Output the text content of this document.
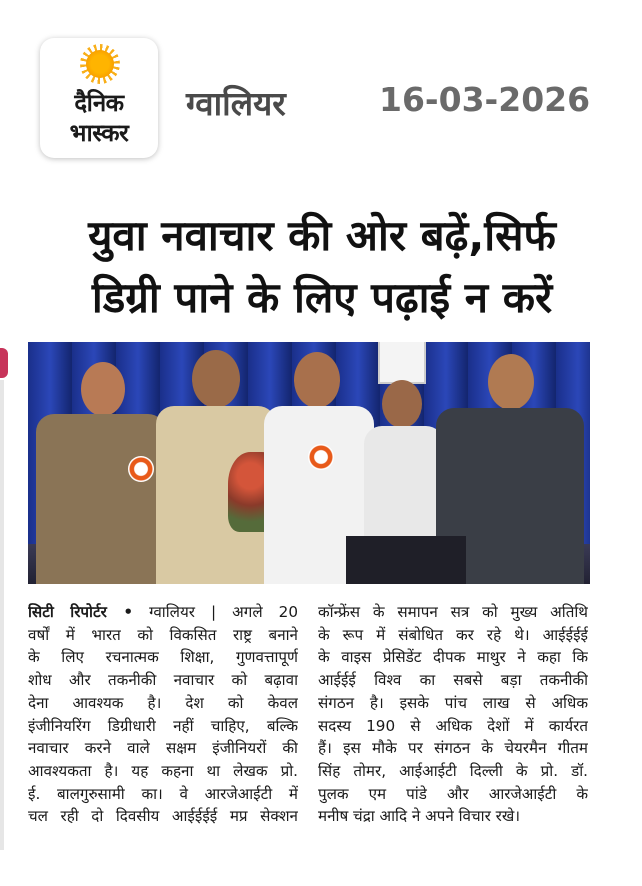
दैनिक
भास्कर
ग्वालियर	16-03-2026
युवा नवाचार की ओर बढ़ें,सिर्फ
डिग्री पाने के लिए पढ़ाई न करें
सिटी रिपोर्टर • ग्वालियर | अगले 20
वर्षों में भारत को विकसित राष्ट्र बनाने
के लिए रचनात्मक शिक्षा, गुणवत्तापूर्ण
शोध और तकनीकी नवाचार को बढ़ावा
देना आवश्यक है। देश को केवल
इंजीनियरिंग डिग्रीधारी नहीं चाहिए, बल्कि
नवाचार करने वाले सक्षम इंजीनियरों की
आवश्यकता है। यह कहना था लेखक प्रो.
ई. बालगुरुसामी का। वे आरजेआईटी में
चल रही दो दिवसीय आईईईई मप्र सेक्शन
कॉन्फ्रेंस के समापन सत्र को मुख्य अतिथि
के रूप में संबोधित कर रहे थे। आईईईई
के वाइस प्रेसिडेंट दीपक माथुर ने कहा कि
आईईई विश्व का सबसे बड़ा तकनीकी
संगठन है। इसके पांच लाख से अधिक
सदस्य 190 से अधिक देशों में कार्यरत
हैं। इस मौके पर संगठन के चेयरमैन गीतम
सिंह तोमर, आईआईटी दिल्ली के प्रो. डॉ.
पुलक एम पांडे और आरजेआईटी के
मनीष चंद्रा आदि ने अपने विचार रखे।
